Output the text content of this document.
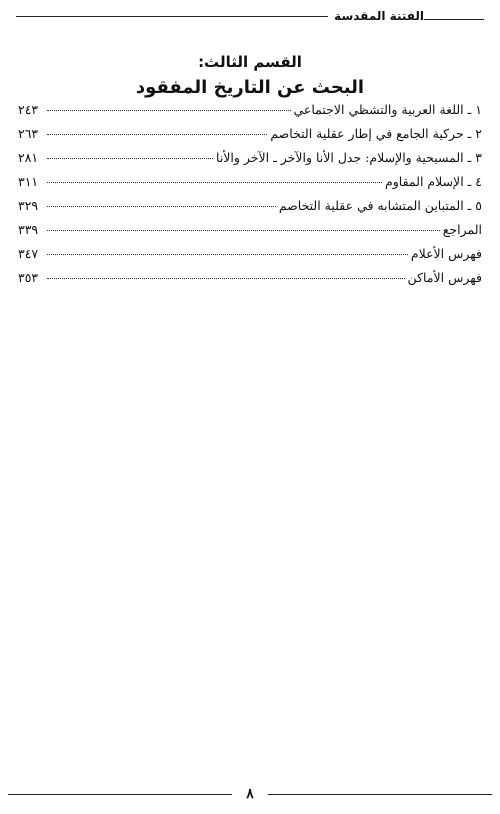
الفتنة المقدسة
القسم الثالث:
البحث عن التاريخ المفقود
١ ـ اللغة العربية والتشظي الاجتماعي
٢٤٣
٢ ـ حركية الجامع في إطار عقلية التخاصم
٢٦٣
٣ ـ المسيحية والإسلام: جدل الأنا والآخر ـ الآخر والأنا
٢٨١
٤ ـ الإسلام المقاوم
٣١١
٥ ـ المتباين المتشابه في عقلية التخاصم
٣٢٩
المراجع
٣٣٩
فهرس الأعلام
٣٤٧
فهرس الأماكن
٣٥٣
٨
